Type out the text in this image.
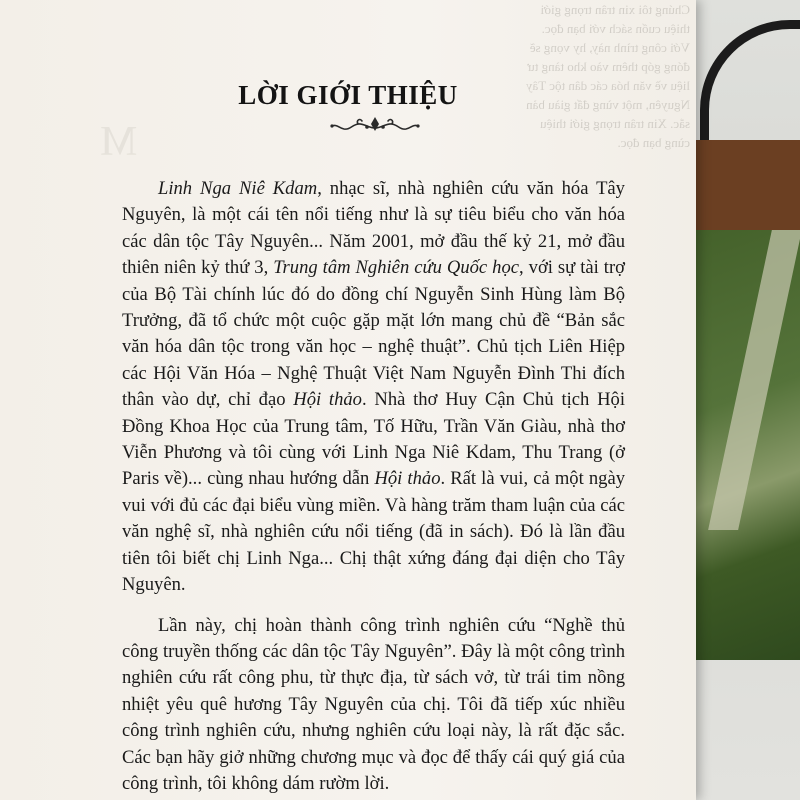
Chúng tôi xin trân trọng giới thiệu cuốn sách với bạn đọc. Với công trình này, hy vọng sẽ đóng góp thêm vào kho tàng tư liệu về văn hóa các dân tộc Tây Nguyên, một vùng đất giàu bản sắc. Xin trân trọng giới thiệu cùng bạn đọc.
M
LỜI GIỚI THIỆU

Linh Nga Niê Kdam, nhạc sĩ, nhà nghiên cứu văn hóa Tây Nguyên, là một cái tên nổi tiếng như là sự tiêu biểu cho văn hóa các dân tộc Tây Nguyên... Năm 2001, mở đầu thế kỷ 21, mở đầu thiên niên kỷ thứ 3, Trung tâm Nghiên cứu Quốc học, với sự tài trợ của Bộ Tài chính lúc đó do đồng chí Nguyễn Sinh Hùng làm Bộ Trưởng, đã tổ chức một cuộc gặp mặt lớn mang chủ đề “Bản sắc văn hóa dân tộc trong văn học – nghệ thuật”. Chủ tịch Liên Hiệp các Hội Văn Hóa – Nghệ Thuật Việt Nam Nguyễn Đình Thi đích thân vào dự, chỉ đạo Hội thảo. Nhà thơ Huy Cận Chủ tịch Hội Đồng Khoa Học của Trung tâm, Tố Hữu, Trần Văn Giàu, nhà thơ Viễn Phương và tôi cùng với Linh Nga Niê Kdam, Thu Trang (ở Paris về)... cùng nhau hướng dẫn Hội thảo. Rất là vui, cả một ngày vui với đủ các đại biểu vùng miền. Và hàng trăm tham luận của các văn nghệ sĩ, nhà nghiên cứu nổi tiếng (đã in sách). Đó là lần đầu tiên tôi biết chị Linh Nga... Chị thật xứng đáng đại diện cho Tây Nguyên.

Lần này, chị hoàn thành công trình nghiên cứu “Nghề thủ công truyền thống các dân tộc Tây Nguyên”. Đây là một công trình nghiên cứu rất công phu, từ thực địa, từ sách vở, từ trái tim nồng nhiệt yêu quê hương Tây Nguyên của chị. Tôi đã tiếp xúc nhiều công trình nghiên cứu, nhưng nghiên cứu loại này, là rất đặc sắc. Các bạn hãy giở những chương mục và đọc để thấy cái quý giá của công trình, tôi không dám rườm lời.
